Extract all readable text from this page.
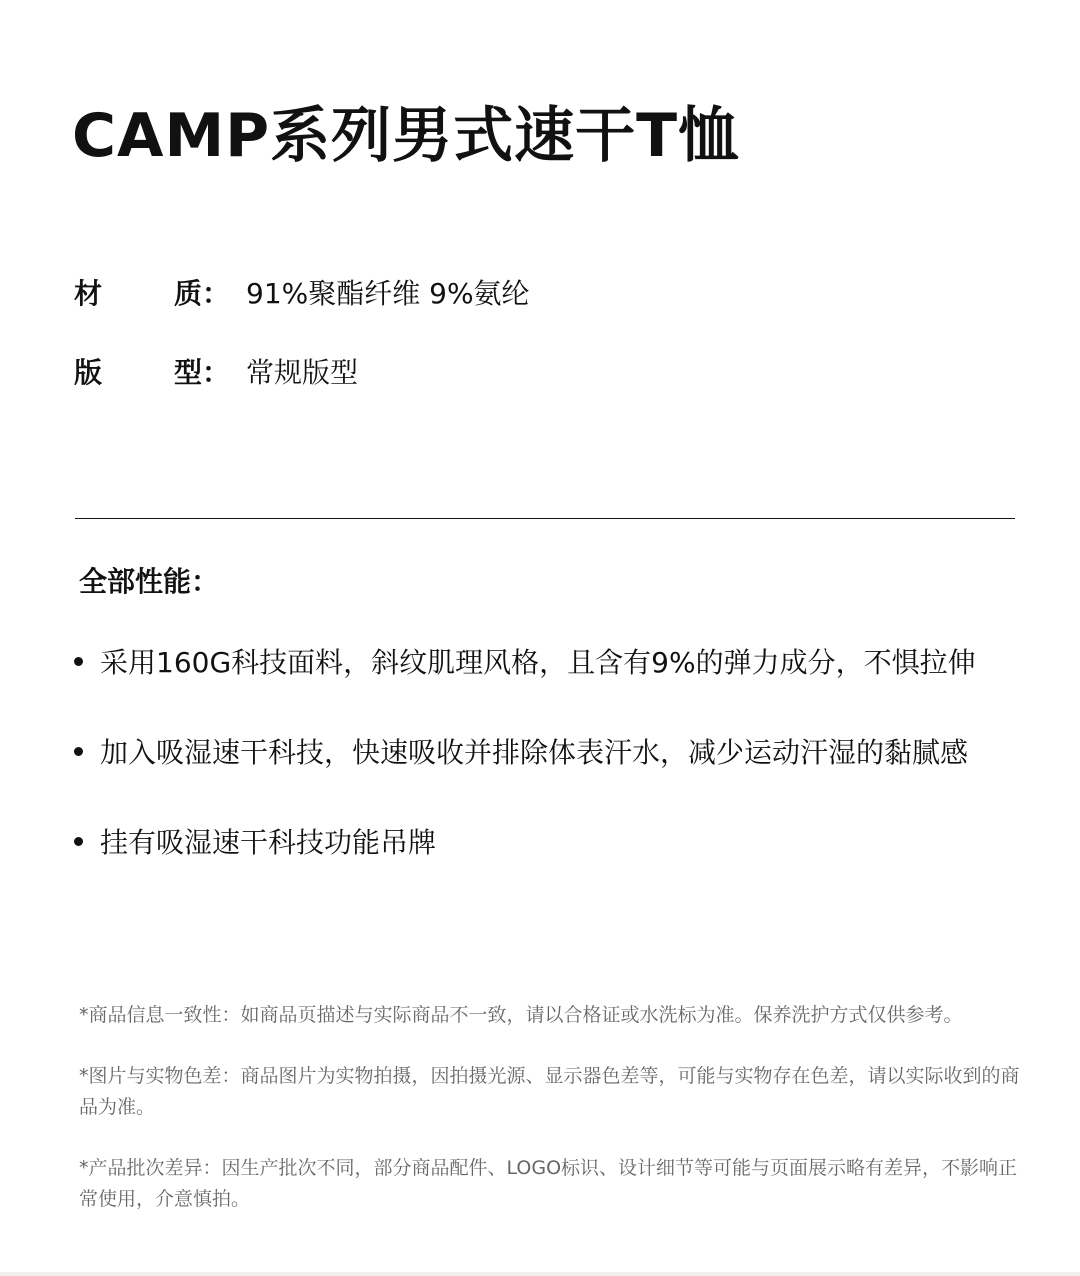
CAMP系列男式速干T恤
材	质： 91%聚酯纤维 9%氨纶
版	型： 常规版型
全部性能：
采用160G科技面料，斜纹肌理风格，且含有9%的弹力成分，不惧拉伸
加入吸湿速干科技，快速吸收并排除体表汗水，减少运动汗湿的黏腻感
挂有吸湿速干科技功能吊牌

*商品信息一致性：如商品页描述与实际商品不一致，请以合格证或水洗标为准。保养洗护方式仅供参考。

*图片与实物色差：商品图片为实物拍摄，因拍摄光源、显示器色差等，可能与实物存在色差，请以实际收到的商品为准。

*产品批次差异：因生产批次不同，部分商品配件、LOGO标识、设计细节等可能与页面展示略有差异，不影响正常使用，介意慎拍。
